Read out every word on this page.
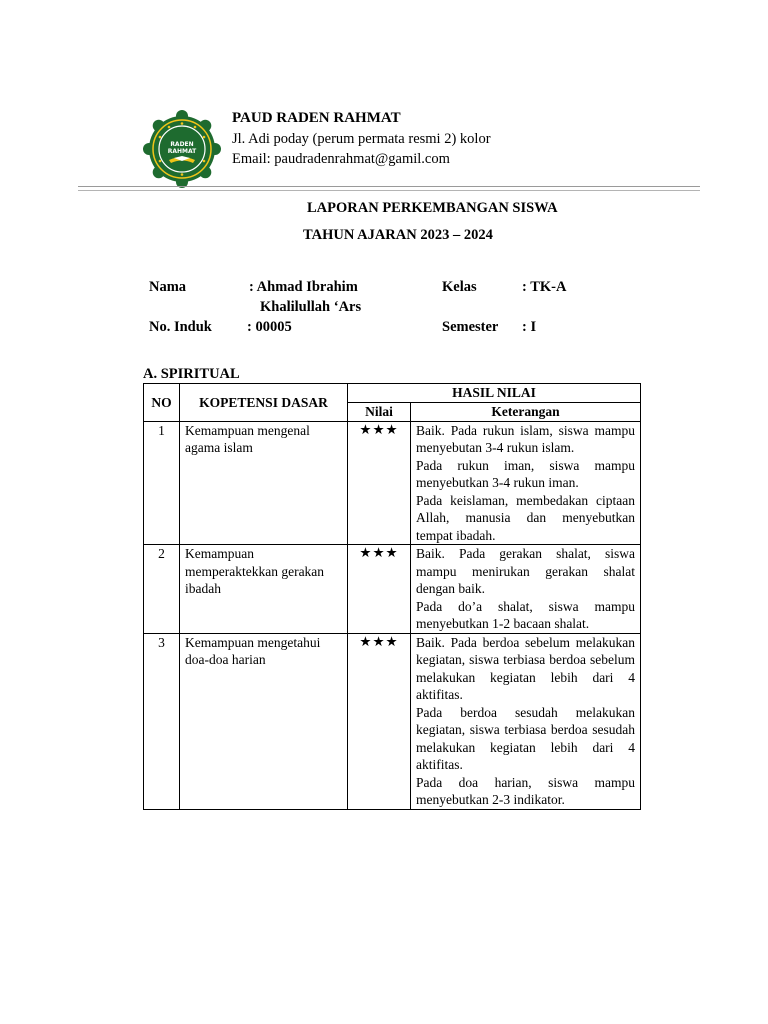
RADEN
RAHMAT
PAUD RADEN RAHMAT
Jl. Adi poday (perum permata resmi 2) kolor
Email: paudradenrahmat@gamil.com
LAPORAN PERKEMBANGAN SISWA
TAHUN AJARAN 2023 – 2024
Nama	: Ahmad Ibrahim
Khalilullah ‘Ars
Kelas	: TK-A
No. Induk : 00005	Semester : I
A. SPIRITUAL
NO	KOPETENSI DASAR	HASIL NILAI	
		Nilai	Keterangan
1	Kemampuan mengenal agama islam	★★★	Baik. Pada rukun islam, siswa mampu menyebutan 3-4 rukun islam.

Pada rukun iman, siswa mampu menyebutkan 3-4 rukun iman.

Pada keislaman, membedakan ciptaan Allah, manusia dan menyebutkan tempat ibadah.

2	Kemampuan memperaktekkan gerakan ibadah	★★★	Baik. Pada gerakan shalat, siswa mampu menirukan gerakan shalat dengan baik.

Pada do’a shalat, siswa mampu menyebutkan 1-2 bacaan shalat.

3	Kemampuan mengetahui doa-doa harian	★★★	Baik. Pada berdoa sebelum melakukan kegiatan, siswa terbiasa berdoa sebelum melakukan kegiatan lebih dari 4 aktifitas.

Pada berdoa sesudah melakukan kegiatan, siswa terbiasa berdoa sesudah melakukan kegiatan lebih dari 4 aktifitas.

Pada doa harian, siswa mampu menyebutkan 2-3 indikator.
